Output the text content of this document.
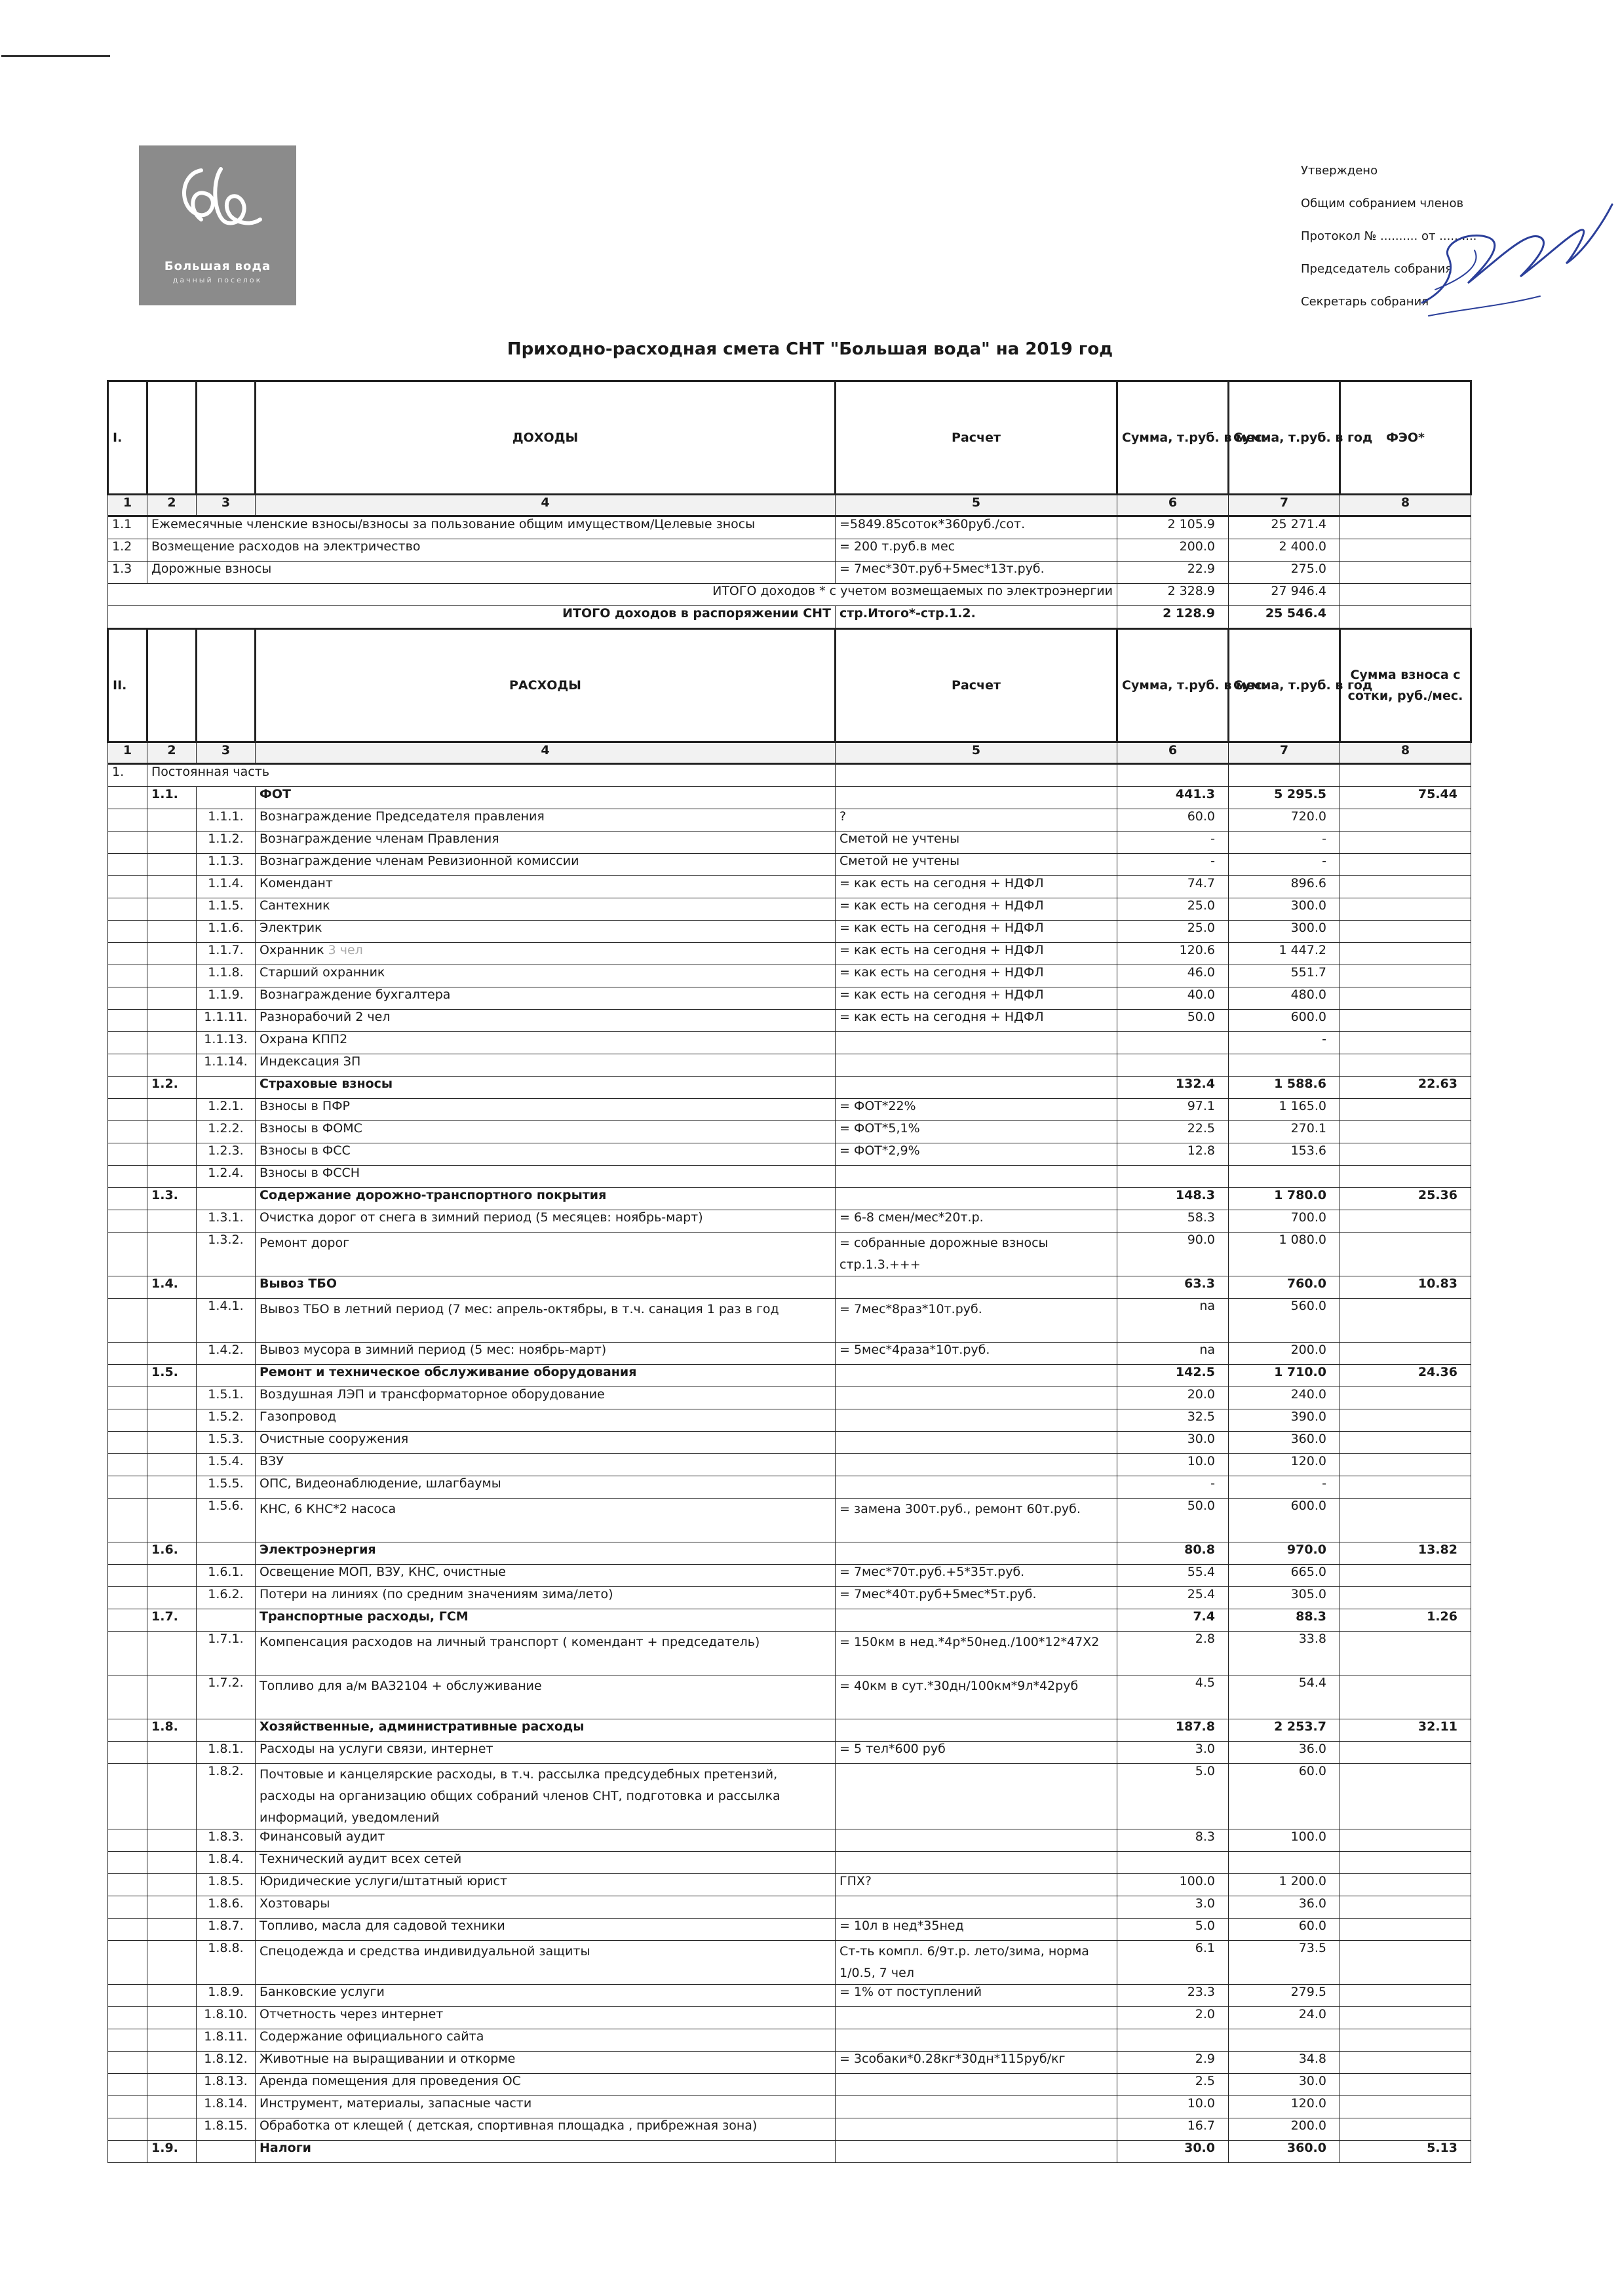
Большая вода
дачный поселок
Утверждено
Общим собранием членов
Протокол № .......... от ..........
Председатель собрания
Секретарь собрания
Приходно-расходная смета СНТ "Большая вода" на 2019 год
I.			ДОХОДЫ	Расчет	Сумма, т.руб. в мес.	Сумма, т.руб. в год	ФЭО*
1	2	3	4	5	6	7	8
1.1	Ежемесячные членские взносы/взносы за пользование общим имуществом/Целевые зносы			=5849.85соток*360руб./сот.	2 105.9	25 271.4	
1.2	Возмещение расходов на электричество			= 200 т.руб.в мес	200.0	2 400.0	
1.3	Дорожные взносы			= 7мес*30т.руб+5мес*13т.руб.	22.9	275.0	
ИТОГО доходов * с учетом возмещаемых по электроэнергии					2 328.9	27 946.4	
ИТОГО доходов в распоряжении СНТ				стр.Итого*-стр.1.2.	2 128.9	25 546.4	
II.			РАСХОДЫ	Расчет	Сумма, т.руб. в мес.	Сумма, т.руб. в год	Сумма взноса с сотки, руб./мес.
1	2	3	4	5	6	7	8
1.	Постоянная часть						
	1.1.		ФОТ		441.3	5 295.5	75.44
		1.1.1.	Вознаграждение Председателя правления	?	60.0	720.0	
		1.1.2.	Вознаграждение членам Правления	Сметой не учтены	-	-	
		1.1.3.	Вознаграждение членам Ревизионной комиссии	Сметой не учтены	-	-	
		1.1.4.	Комендант	= как есть на сегодня + НДФЛ	74.7	896.6	
		1.1.5.	Сантехник	= как есть на сегодня + НДФЛ	25.0	300.0	
		1.1.6.	Электрик	= как есть на сегодня + НДФЛ	25.0	300.0	
		1.1.7.	Охранник 3 чел	= как есть на сегодня + НДФЛ	120.6	1 447.2	
		1.1.8.	Старший охранник	= как есть на сегодня + НДФЛ	46.0	551.7	
		1.1.9.	Вознаграждение бухгалтера	= как есть на сегодня + НДФЛ	40.0	480.0	
		1.1.11.	Разнорабочий 2 чел	= как есть на сегодня + НДФЛ	50.0	600.0	
		1.1.13.	Охрана КПП2			-	
		1.1.14.	Индексация ЗП				
	1.2.		Страховые взносы		132.4	1 588.6	22.63
		1.2.1.	Взносы в ПФР	= ФОТ*22%	97.1	1 165.0	
		1.2.2.	Взносы в ФОМС	= ФОТ*5,1%	22.5	270.1	
		1.2.3.	Взносы в ФСС	= ФОТ*2,9%	12.8	153.6	
		1.2.4.	Взносы в ФССН				
	1.3.		Содержание дорожно-транспортного покрытия		148.3	1 780.0	25.36
		1.3.1.	Очистка дорог от снега в зимний период (5 месяцев: ноябрь-март)	= 6-8 смен/мес*20т.р.	58.3	700.0	
		1.3.2.	Ремонт дорог	= собранные дорожные взносы стр.1.3.+++	90.0	1 080.0	
	1.4.		Вывоз ТБО		63.3	760.0	10.83
		1.4.1.	Вывоз ТБО в летний период (7 мес: апрель-октябры, в т.ч. санация 1 раз в год	= 7мес*8раз*10т.руб.	na	560.0	
		1.4.2.	Вывоз мусора в зимний период (5 мес: ноябрь-март)	= 5мес*4раза*10т.руб.	na	200.0	
	1.5.		Ремонт и техническое обслуживание оборудования		142.5	1 710.0	24.36
		1.5.1.	Воздушная ЛЭП и трансформаторное оборудование		20.0	240.0	
		1.5.2.	Газопровод		32.5	390.0	
		1.5.3.	Очистные сооружения		30.0	360.0	
		1.5.4.	ВЗУ		10.0	120.0	
		1.5.5.	ОПС, Видеонаблюдение, шлагбаумы		-	-	
		1.5.6.	КНС, 6 КНС*2 насоса	= замена 300т.руб., ремонт 60т.руб.	50.0	600.0	
	1.6.		Электроэнергия		80.8	970.0	13.82
		1.6.1.	Освещение МОП, ВЗУ, КНС, очистные	= 7мес*70т.руб.+5*35т.руб.	55.4	665.0	
		1.6.2.	Потери на линиях (по средним значениям зима/лето)	= 7мес*40т.руб+5мес*5т.руб.	25.4	305.0	
	1.7.		Транспортные расходы, ГСМ		7.4	88.3	1.26
		1.7.1.	Компенсация расходов на личный транспорт ( комендант + председатель)	= 150км в нед.*4р*50нед./100*12*47Х2	2.8	33.8	
		1.7.2.	Топливо для а/м ВАЗ2104 + обслуживание	= 40км в сут.*30дн/100км*9л*42руб	4.5	54.4	
	1.8.		Хозяйственные, административные расходы		187.8	2 253.7	32.11
		1.8.1.	Расходы на услуги связи, интернет	= 5 тел*600 руб	3.0	36.0	
		1.8.2.	Почтовые и канцелярские расходы, в т.ч. рассылка предсудебных претензий, расходы на организацию общих собраний членов СНТ, подготовка и рассылка информаций, уведомлений		5.0	60.0	
		1.8.3.	Финансовый аудит		8.3	100.0	
		1.8.4.	Технический аудит всех сетей				
		1.8.5.	Юридические услуги/штатный юрист	ГПХ?	100.0	1 200.0	
		1.8.6.	Хозтовары		3.0	36.0	
		1.8.7.	Топливо, масла для садовой техники	= 10л в нед*35нед	5.0	60.0	
		1.8.8.	Спецодежда и средства индивидуальной защиты	Ст-ть компл. 6/9т.р. лето/зима, норма 1/0.5, 7 чел	6.1	73.5	
		1.8.9.	Банковские услуги	= 1% от поступлений	23.3	279.5	
		1.8.10.	Отчетность через интернет		2.0	24.0	
		1.8.11.	Содержание официального сайта				
		1.8.12.	Животные на выращивании и откорме	= 3собаки*0.28кг*30дн*115руб/кг	2.9	34.8	
		1.8.13.	Аренда помещения для проведения ОС		2.5	30.0	
		1.8.14.	Инструмент, материалы, запасные части		10.0	120.0	
		1.8.15.	Обработка от клещей ( детская, спортивная площадка , прибрежная зона)		16.7	200.0	
	1.9.		Налоги		30.0	360.0	5.13
